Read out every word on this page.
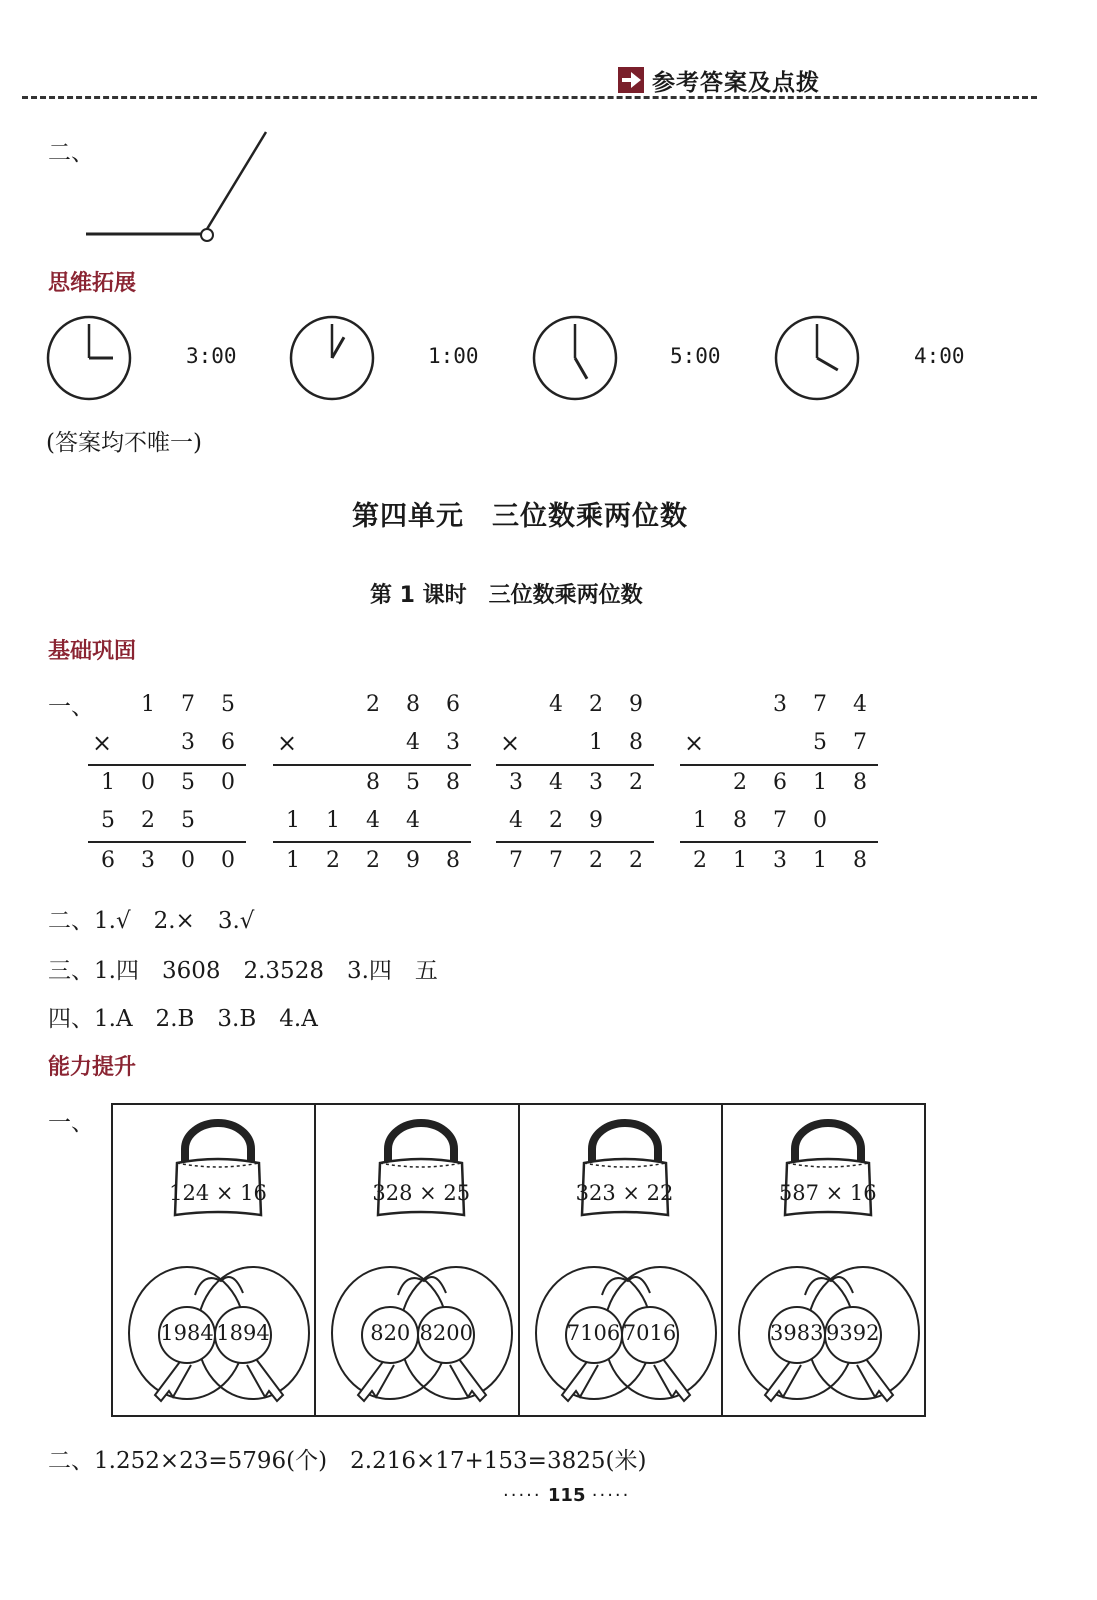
参考答案及点拨
二、
思维拓展
3:00	1:00	5:00	4:00
(答案均不唯一)
第四单元　三位数乘两位数
第 1 课时　三位数乘两位数
基础巩固
一、 1 7 5
3 6
×
1 0 5 0
5 2 5
6 3 0 0
2 8 6
4 3
×
8 5 8
1 1 4 4
1 2 2 9 8
4 2 9
1 8
×
3 4 3 2
4 2 9
7 7 2 2
3 7 4
5 7
×
2 6 1 8
1 8 7 0
2 1 3 1 8
二、1.√　2.×　3.√
三、1.四　3608　2.3528　3.四　五
四、1.A　2.B　3.B　4.A
能力提升
一、
124 × 16
1984 1894
328 × 25
820 8200
323 × 22
7106 7016
587 × 16
3983 9392
二、1.252×23=5796(个)　2.216×17+153=3825(米)
····· 115 ·····
